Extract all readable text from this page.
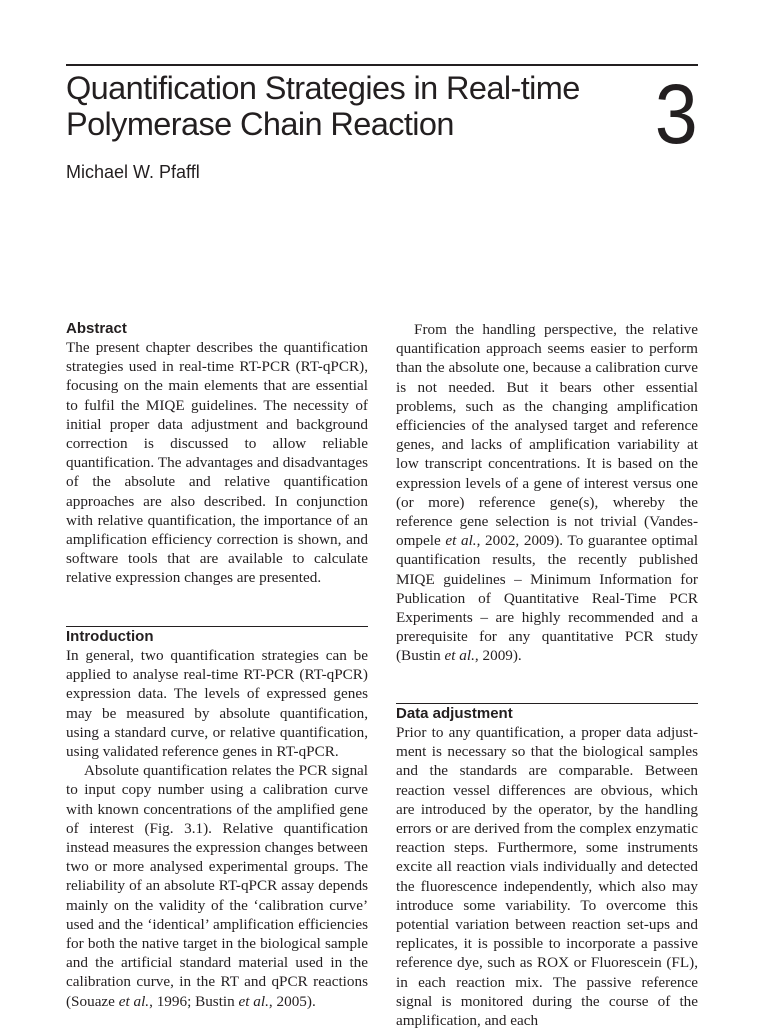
Quantification Strategies in Real-time
Polymerase Chain Reaction	3
Michael W. Pfaffl
Abstract

The present chapter describes the quantification strategies used in real-time RT-PCR (RT-qPCR), focusing on the main elements that are essential to fulfil the MIQE guidelines. The necessity of initial proper data adjustment and background correction is discussed to allow reliable quantification. The advantages and disadvantages of the absolute and relative quantification approaches are also described. In conjunction with relative quantification, the importance of an amplification efficiency correction is shown, and software tools that are available to calculate relative expression changes are presented.

Introduction

In general, two quantification strategies can be applied to analyse real-time RT-PCR (RT-qPCR) expression data. The levels of expressed genes may be measured by absolute quantification, using a standard curve, or relative quantification, using validated reference genes in RT-qPCR.

Absolute quantification relates the PCR signal to input copy number using a calibration curve with known concentrations of the amplified gene of interest (Fig. 3.1). Relative quantification instead measures the expression changes between two or more analysed experimental groups. The reliability of an absolute RT-qPCR assay depends mainly on the validity of the ‘calibration curve’ used and the ‘identical’ amplification efficiencies for both the native target in the biological sample and the artificial standard material used in the calibration curve, in the RT and qPCR reactions (Souaze et al., 1996; Bustin et al., 2005).

From the handling perspective, the relative quantification approach seems easier to perform than the absolute one, because a calibration curve is not needed. But it bears other essential problems, such as the changing amplification efficiencies of the analysed target and reference genes, and lacks of amplification variability at low transcript concentrations. It is based on the expression levels of a gene of interest versus one (or more) reference gene(s), whereby the reference gene selection is not trivial (Vandesompele et al., 2002, 2009). To guarantee optimal quantification results, the recently published MIQE guidelines – Minimum Information for Publication of Quantitative Real-Time PCR Experiments – are highly recommended and a prerequisite for any quantitative PCR study (Bustin et al., 2009).

Data adjustment

Prior to any quantification, a proper data adjustment is necessary so that the biological samples and the standards are comparable. Between reaction vessel differences are obvious, which are introduced by the operator, by the handling errors or are derived from the complex enzymatic reaction steps. Furthermore, some instruments excite all reaction vials individually and detected the fluorescence independently, which also may introduce some variability. To overcome this potential variation between reaction set-ups and replicates, it is possible to incorporate a passive reference dye, such as ROX or Fluorescein (FL), in each reaction mix. The passive reference signal is monitored during the course of the amplification, and each
